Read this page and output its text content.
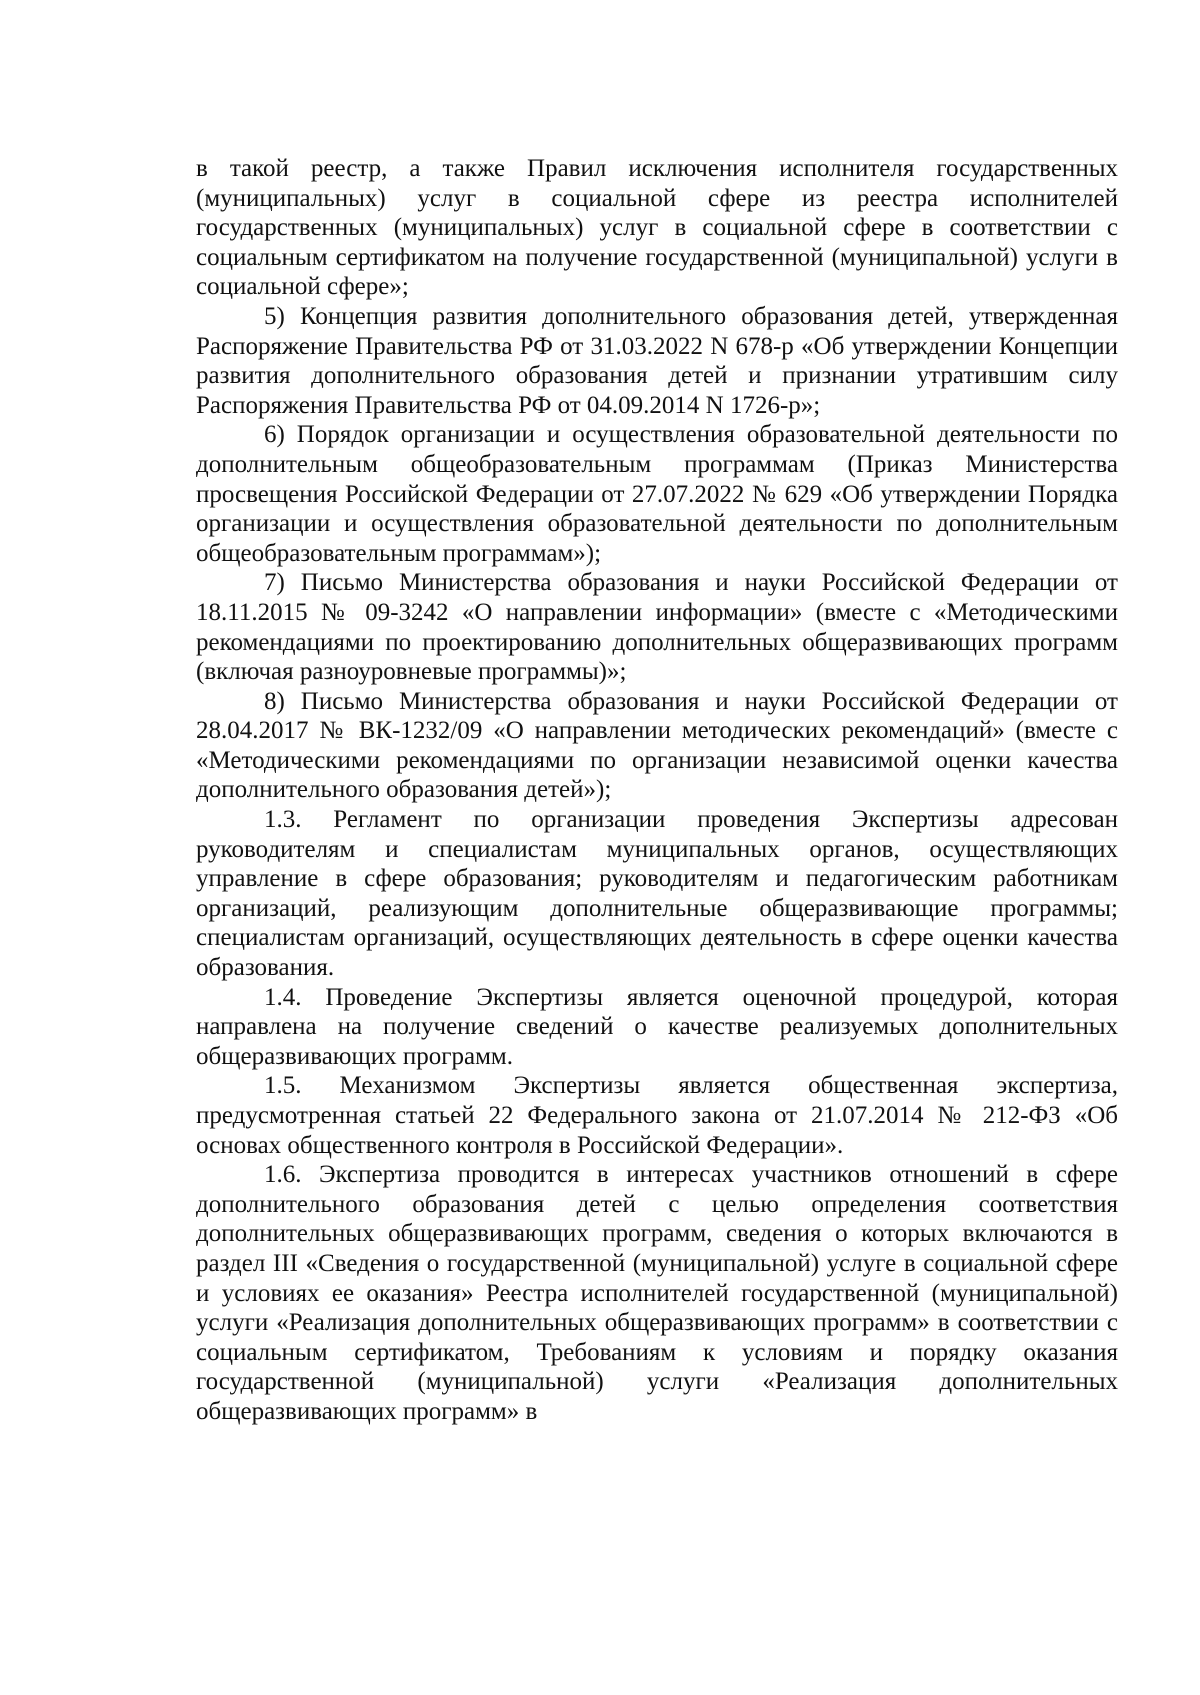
в такой реестр, а также Правил исключения исполнителя государственных (муниципальных) услуг в социальной сфере из реестра исполнителей государственных (муниципальных) услуг в социальной сфере в соответствии с социальным сертификатом на получение государственной (муниципальной) услуги в социальной сфере»;

5) Концепция развития дополнительного образования детей, утвержденная Распоряжение Правительства РФ от 31.03.2022 N 678-р «Об утверждении Концепции развития дополнительного образования детей и признании утратившим силу Распоряжения Правительства РФ от 04.09.2014 N 1726-р»;

6) Порядок организации и осуществления образовательной деятельности по дополнительным общеобразовательным программам (Приказ Министерства просвещения Российской Федерации от 27.07.2022 № 629 «Об утверждении Порядка организации и осуществления образовательной деятельности по дополнительным общеобразовательным программам»);

7) Письмо Министерства образования и науки Российской Федерации от 18.11.2015 № 09-3242 «О направлении информации» (вместе с «Методическими рекомендациями по проектированию дополнительных общеразвивающих программ (включая разноуровневые программы)»;

8) Письмо Министерства образования и науки Российской Федерации от 28.04.2017 № ВК-1232/09 «О направлении методических рекомендаций» (вместе с «Методическими рекомендациями по организации независимой оценки качества дополнительного образования детей»);

1.3. Регламент по организации проведения Экспертизы адресован руководителям и специалистам муниципальных органов, осуществляющих управление в сфере образования; руководителям и педагогическим работникам организаций, реализующим дополнительные общеразвивающие программы; специалистам организаций, осуществляющих деятельность в сфере оценки качества образования.

1.4. Проведение Экспертизы является оценочной процедурой, которая направлена на получение сведений о качестве реализуемых дополнительных общеразвивающих программ.

1.5. Механизмом Экспертизы является общественная экспертиза, предусмотренная статьей 22 Федерального закона от 21.07.2014 № 212-ФЗ «Об основах общественного контроля в Российской Федерации».

1.6. Экспертиза проводится в интересах участников отношений в сфере дополнительного образования детей с целью определения соответствия дополнительных общеразвивающих программ, сведения о которых включаются в раздел III «Сведения о государственной (муниципальной) услуге в социальной сфере и условиях ее оказания» Реестра исполнителей государственной (муниципальной) услуги «Реализация дополнительных общеразвивающих программ» в соответствии с социальным сертификатом, Требованиям к условиям и порядку оказания государственной (муниципальной) услуги «Реализация дополнительных общеразвивающих программ» в
